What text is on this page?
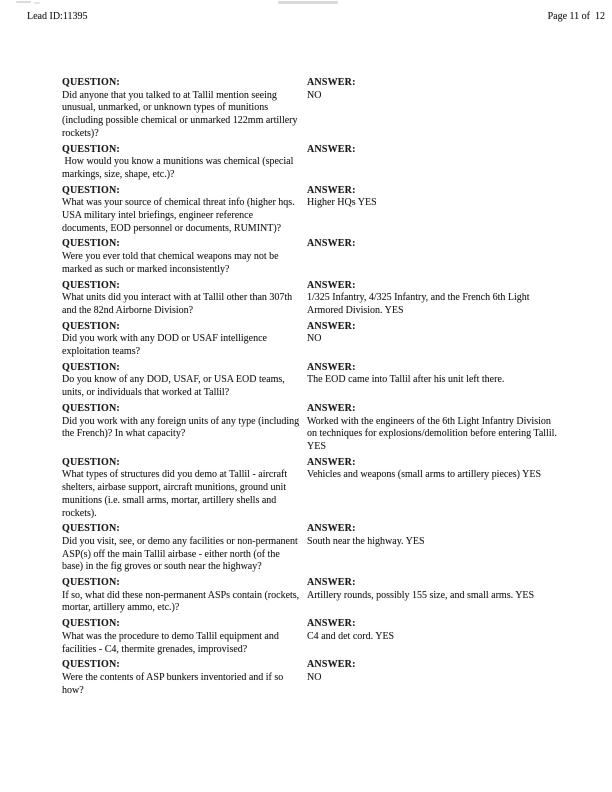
Lead ID:11395	Page 11 of  12
QUESTION:
Did anyone that you talked to at Tallil mention seeing unusual, unmarked, or unknown types of munitions (including possible chemical or unmarked 122mm artillery rockets)?
ANSWER:
NO
QUESTION:
How would you know a munitions was chemical (special markings, size, shape, etc.)?
ANSWER:
QUESTION:
What was your source of chemical threat info (higher hqs. USA military intel briefings, engineer reference documents, EOD personnel or documents, RUMINT)?
ANSWER:
Higher HQs YES
QUESTION:
Were you ever told that chemical weapons may not be marked as such or marked inconsistently?
ANSWER:
QUESTION:
What units did you interact with at Tallil other than 307th and the 82nd Airborne Division?
ANSWER:
1/325 Infantry, 4/325 Infantry, and the French 6th Light Armored Division. YES
QUESTION:
Did you work with any DOD or USAF intelligence exploitation teams?
ANSWER:
NO
QUESTION:
Do you know of any DOD, USAF, or USA EOD teams, units, or individuals that worked at Tallil?
ANSWER:
The EOD came into Tallil after his unit left there.
QUESTION:
Did you work with any foreign units of any type (including the French)? In what capacity?
ANSWER:
Worked with the engineers of the 6th Light Infantry Division on techniques for explosions/demolition before entering Tallil. YES
QUESTION:
What types of structures did you demo at Tallil - aircraft shelters, airbase support, aircraft munitions, ground unit munitions (i.e. small arms, mortar, artillery shells and rockets).
ANSWER:
Vehicles and weapons (small arms to artillery pieces) YES
QUESTION:
Did you visit, see, or demo any facilities or non-permanent ASP(s) off the main Tallil airbase - either north (of the base) in the fig groves or south near the highway?
ANSWER:
South near the highway. YES
QUESTION:
If so, what did these non-permanent ASPs contain (rockets, mortar, artillery ammo, etc.)?
ANSWER:
Artillery rounds, possibly 155 size, and small arms. YES
QUESTION:
What was the procedure to demo Tallil equipment and facilities - C4, thermite grenades, improvised?
ANSWER:
C4 and det cord. YES
QUESTION:
Were the contents of ASP bunkers inventoried and if so how?
ANSWER:
NO
